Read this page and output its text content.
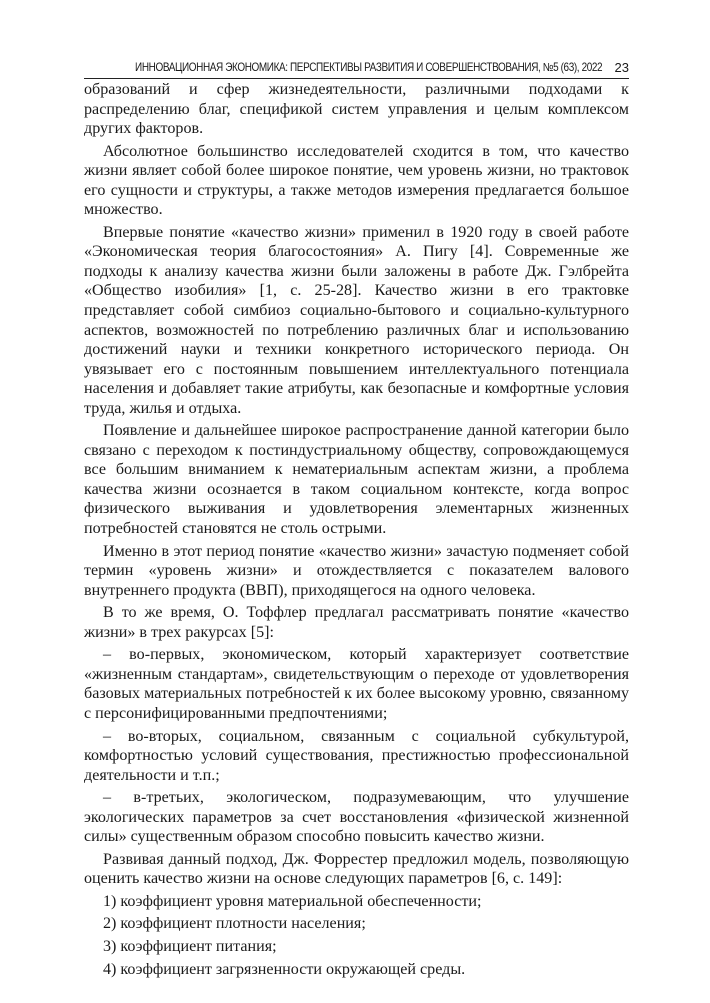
ИННОВАЦИОННАЯ ЭКОНОМИКА: ПЕРСПЕКТИВЫ РАЗВИТИЯ И СОВЕРШЕНСТВОВАНИЯ, №5 (63), 2022 23

образований и сфер жизнедеятельности, различными подходами к распределению благ, спецификой систем управления и целым комплексом других факторов.

Абсолютное большинство исследователей сходится в том, что качество жизни являет собой более широкое понятие, чем уровень жизни, но трактовок его сущности и структуры, а также методов измерения предлагается большое множество.

Впервые понятие «качество жизни» применил в 1920 году в своей работе «Экономическая теория благосостояния» А. Пигу [4]. Современные же подходы к анализу качества жизни были заложены в работе Дж. Гэлбрейта «Общество изобилия» [1, с. 25-28]. Качество жизни в его трактовке представляет собой симбиоз социально-бытового и социально-культурного аспектов, возможностей по потреблению различных благ и использованию достижений науки и техники конкретного исторического периода. Он увязывает его с постоянным повышением интеллектуального потенциала населения и добавляет такие атрибуты, как безопасные и комфортные условия труда, жилья и отдыха.

Появление и дальнейшее широкое распространение данной категории было связано с переходом к постиндустриальному обществу, сопровождающемуся все большим вниманием к нематериальным аспектам жизни, а проблема качества жизни осознается в таком социальном контексте, когда вопрос физического выживания и удовлетворения элементарных жизненных потребностей становятся не столь острыми.

Именно в этот период понятие «качество жизни» зачастую подменяет собой термин «уровень жизни» и отождествляется с показателем валового внутреннего продукта (ВВП), приходящегося на одного человека.

В то же время, О. Тоффлер предлагал рассматривать понятие «качество жизни» в трех ракурсах [5]:

– во-первых, экономическом, который характеризует соответствие «жизненным стандартам», свидетельствующим о переходе от удовлетворения базовых материальных потребностей к их более высокому уровню, связанному с персонифицированными предпочтениями;

– во-вторых, социальном, связанным с социальной субкультурой, комфортностью условий существования, престижностью профессиональной деятельности и т.п.;

– в-третьих, экологическом, подразумевающим, что улучшение экологических параметров за счет восстановления «физической жизненной силы» существенным образом способно повысить качество жизни.

Развивая данный подход, Дж. Форрестер предложил модель, позволяющую оценить качество жизни на основе следующих параметров [6, с. 149]:

1) коэффициент уровня материальной обеспеченности;

2) коэффициент плотности населения;

3) коэффициент питания;

4) коэффициент загрязненности окружающей среды.
